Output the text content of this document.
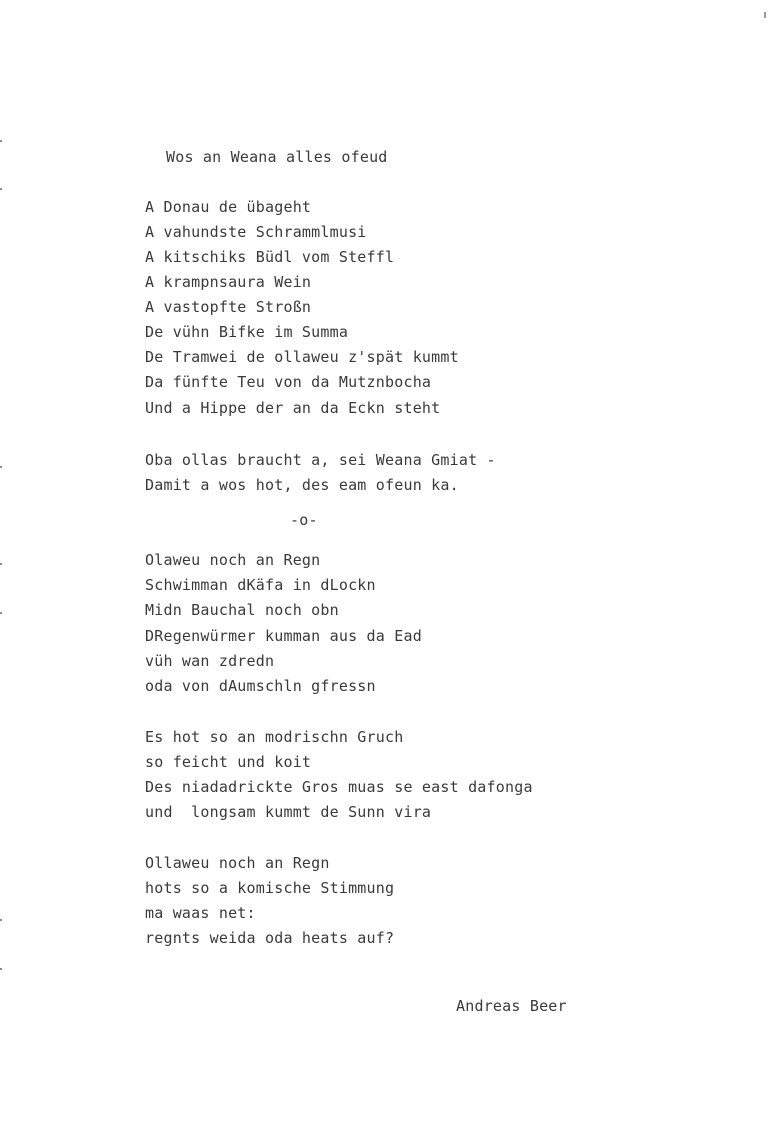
Wos an Weana alles ofeud
A Donau de übageht
A vahundste Schrammlmusi
A kitschiks Büdl vom Steffl
A krampnsaura Wein
A vastopfte Stroßn
De vühn Bifke im Summa
De Tramwei de ollaweu z'spät kummt
Da fünfte Teu von da Mutznbocha
Und a Hippe der an da Eckn steht
Oba ollas braucht a, sei Weana Gmiat -
Damit a wos hot, des eam ofeun ka.
-o-
Olaweu noch an Regn
Schwimman dKäfa in dLockn
Midn Bauchal noch obn
DRegenwürmer kumman aus da Ead
vüh wan zdredn
oda von dAumschln gfressn
Es hot so an modrischn Gruch
so feicht und koit
Des niadadrickte Gros muas se east dafonga
und  longsam kummt de Sunn vira
Ollaweu noch an Regn
hots so a komische Stimmung
ma waas net:
regnts weida oda heats auf?
Andreas Beer
